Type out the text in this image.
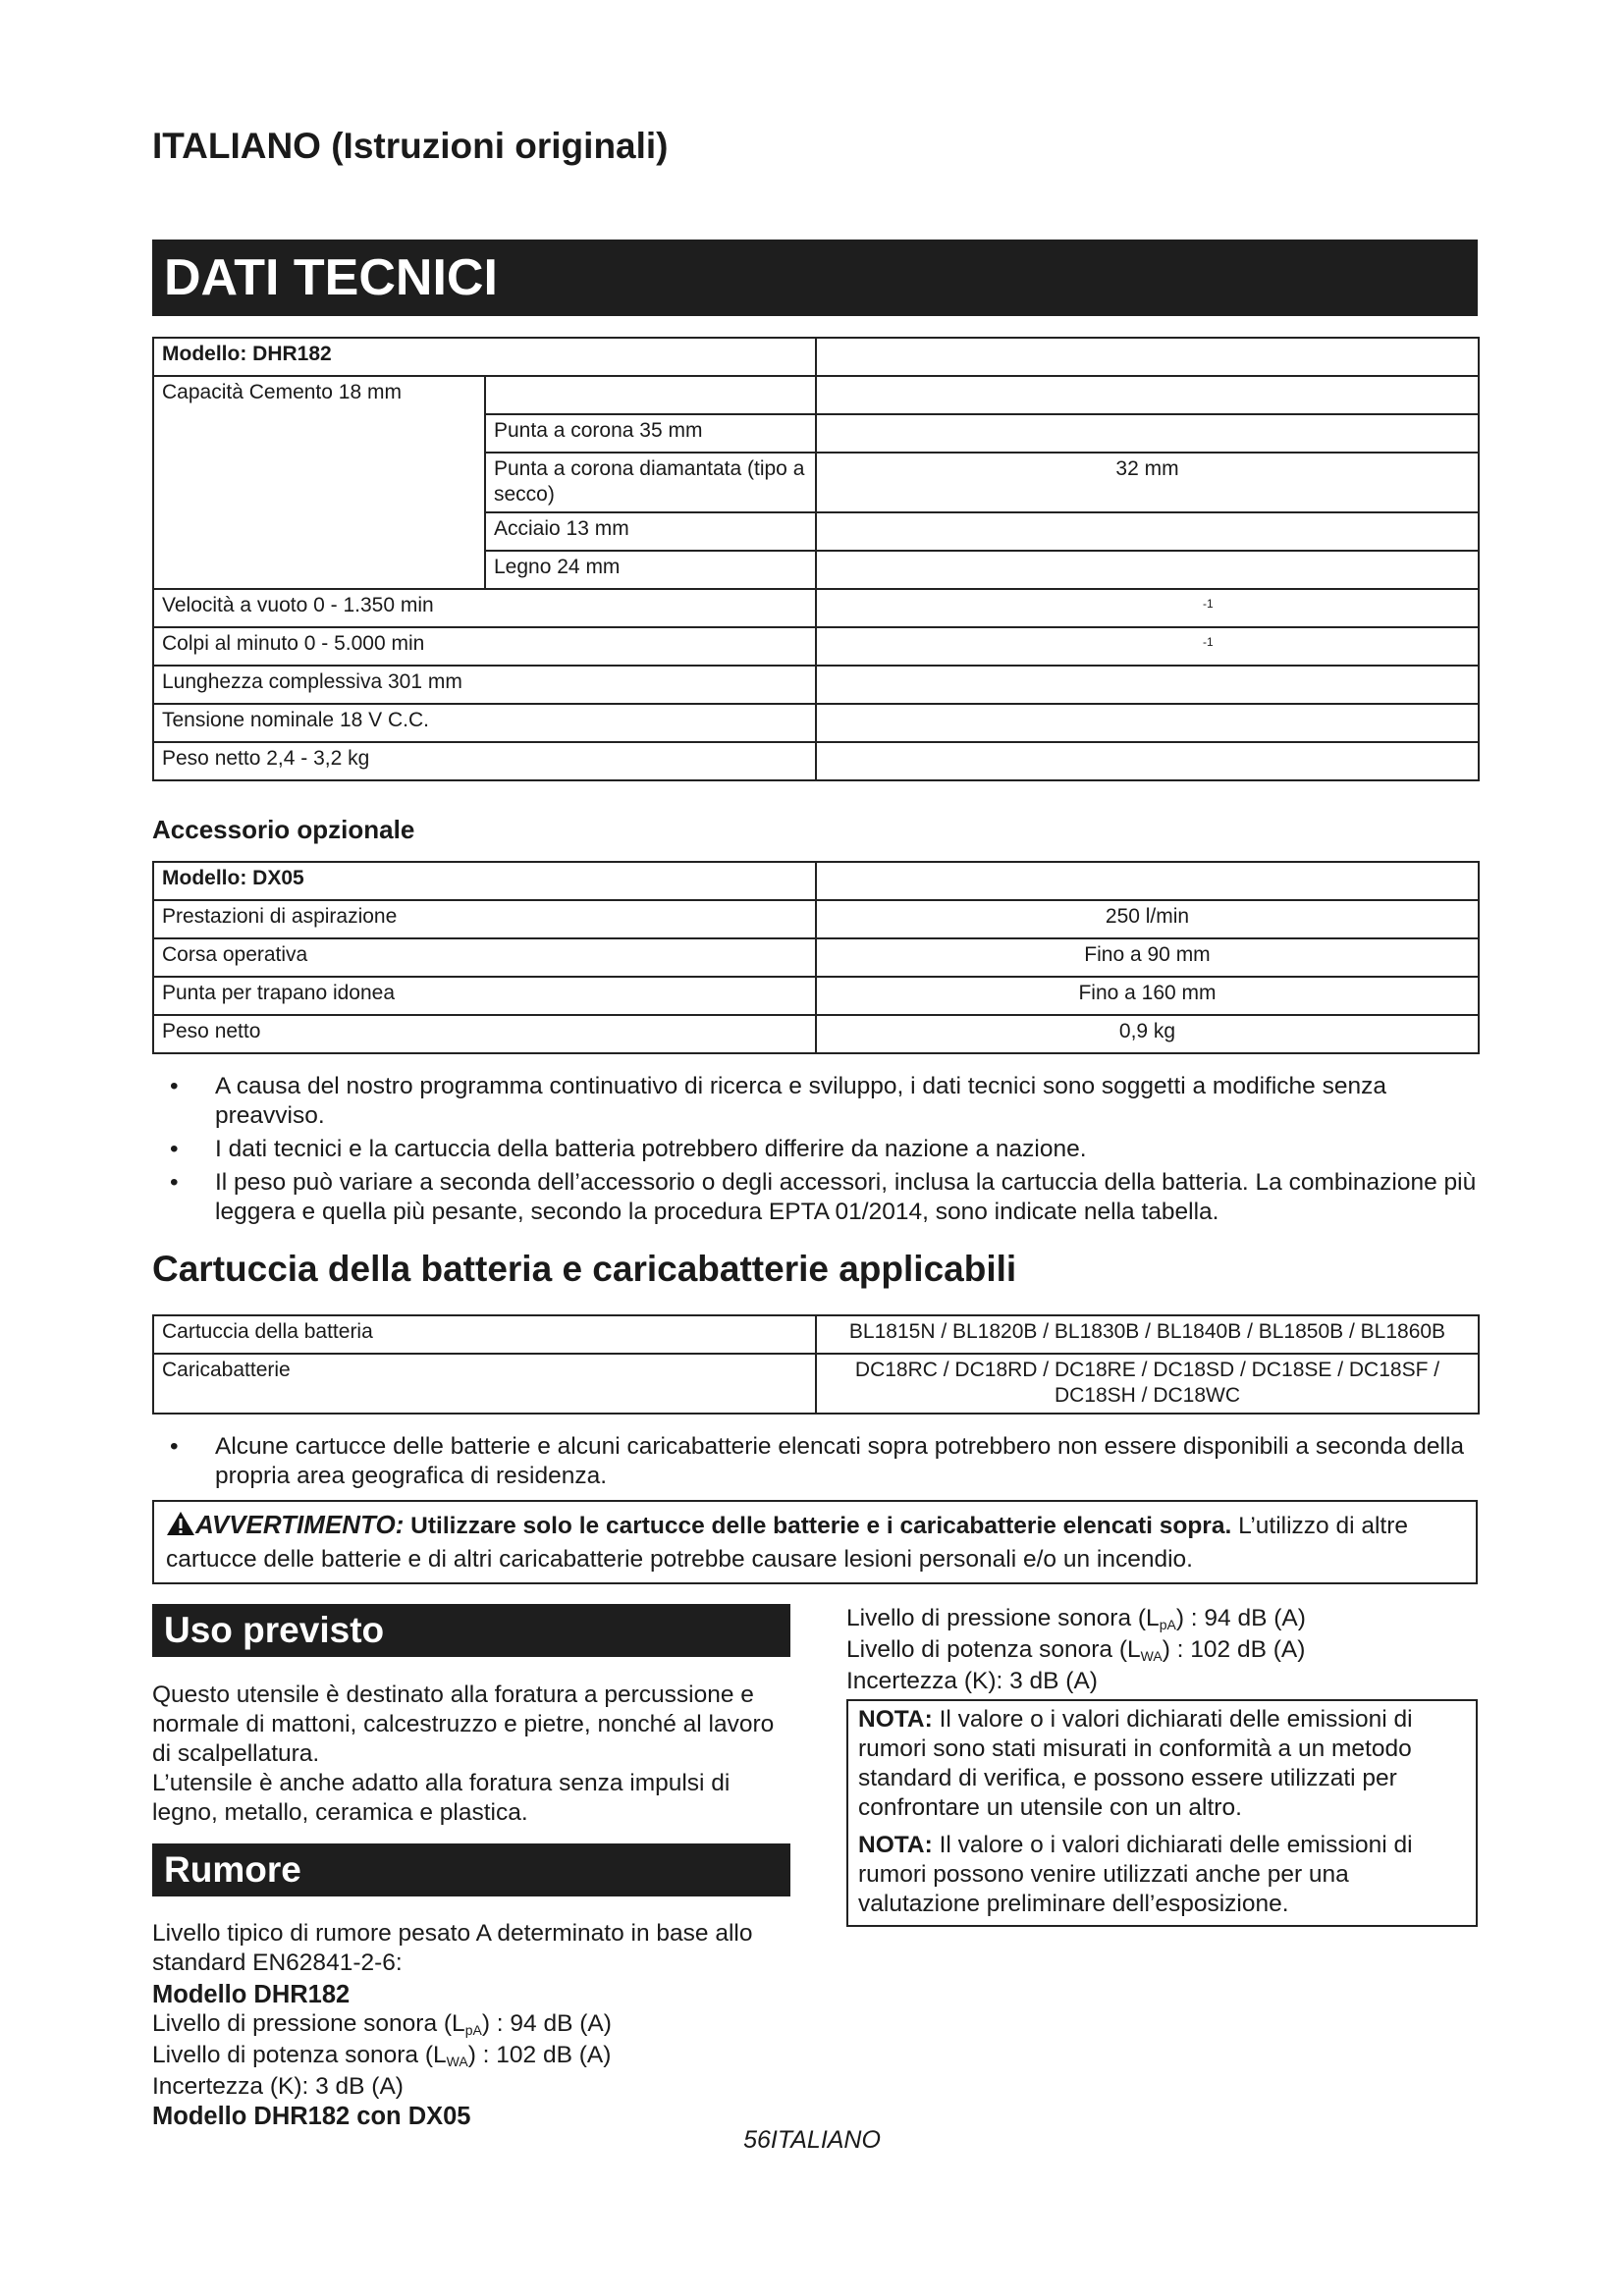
ITALIANO (Istruzioni originali)
DATI TECNICI
Modello: DHR182		
Capacità Cemento 18 mm		
	Punta a corona 35 mm	
	Punta a corona diamantata (tipo a secco)	32 mm
	Acciaio 13 mm	
	Legno 24 mm	
Velocità a vuoto 0 - 1.350 min		-1

Colpi al minuto 0 - 5.000 min		-1

Lunghezza complessiva 301 mm		
Tensione nominale 18 V C.C.		
Peso netto 2,4 - 3,2 kg		
Accessorio opzionale
Modello: DX05	
Prestazioni di aspirazione	250 l/min
Corsa operativa	Fino a 90 mm
Punta per trapano idonea	Fino a 160 mm
Peso netto	0,9 kg
• A causa del nostro programma continuativo di ricerca e sviluppo, i dati tecnici sono soggetti a modifiche senza preavviso.
• I dati tecnici e la cartuccia della batteria potrebbero differire da nazione a nazione.
• Il peso può variare a seconda dell’accessorio o degli accessori, inclusa la cartuccia della batteria. La combinazione più leggera e quella più pesante, secondo la procedura EPTA 01/2014, sono indicate nella tabella.
Cartuccia della batteria e caricabatterie applicabili
Cartuccia della batteria	BL1815N / BL1820B / BL1830B / BL1840B / BL1850B / BL1860B
Caricabatterie	DC18RC / DC18RD / DC18RE / DC18SD / DC18SE / DC18SF / DC18SH / DC18WC
• Alcune cartucce delle batterie e alcuni caricabatterie elencati sopra potrebbero non essere disponibili a seconda della propria area geografica di residenza.
AVVERTIMENTO: Utilizzare solo le cartucce delle batterie e i caricabatterie elencati sopra. L’utilizzo di altre cartucce delle batterie e di altri caricabatterie potrebbe causare lesioni personali e/o un incendio.
Uso previsto
Questo utensile è destinato alla foratura a percussione e normale di mattoni, calcestruzzo e pietre, nonché al lavoro di scalpellatura.
L’utensile è anche adatto alla foratura senza impulsi di legno, metallo, ceramica e plastica.
Rumore
Livello tipico di rumore pesato A determinato in base allo standard EN62841-2-6:
Modello DHR182
Livello di pressione sonora (LpA) : 94 dB (A)
Livello di potenza sonora (LWA) : 102 dB (A)
Incertezza (K): 3 dB (A)
Modello DHR182 con DX05
Livello di pressione sonora (LpA) : 94 dB (A)
Livello di potenza sonora (LWA) : 102 dB (A)
Incertezza (K): 3 dB (A)
NOTA: Il valore o i valori dichiarati delle emissioni di rumori sono stati misurati in conformità a un metodo standard di verifica, e possono essere utilizzati per confrontare un utensile con un altro.
NOTA: Il valore o i valori dichiarati delle emissioni di rumori possono venire utilizzati anche per una valutazione preliminare dell’esposizione.
56ITALIANO
